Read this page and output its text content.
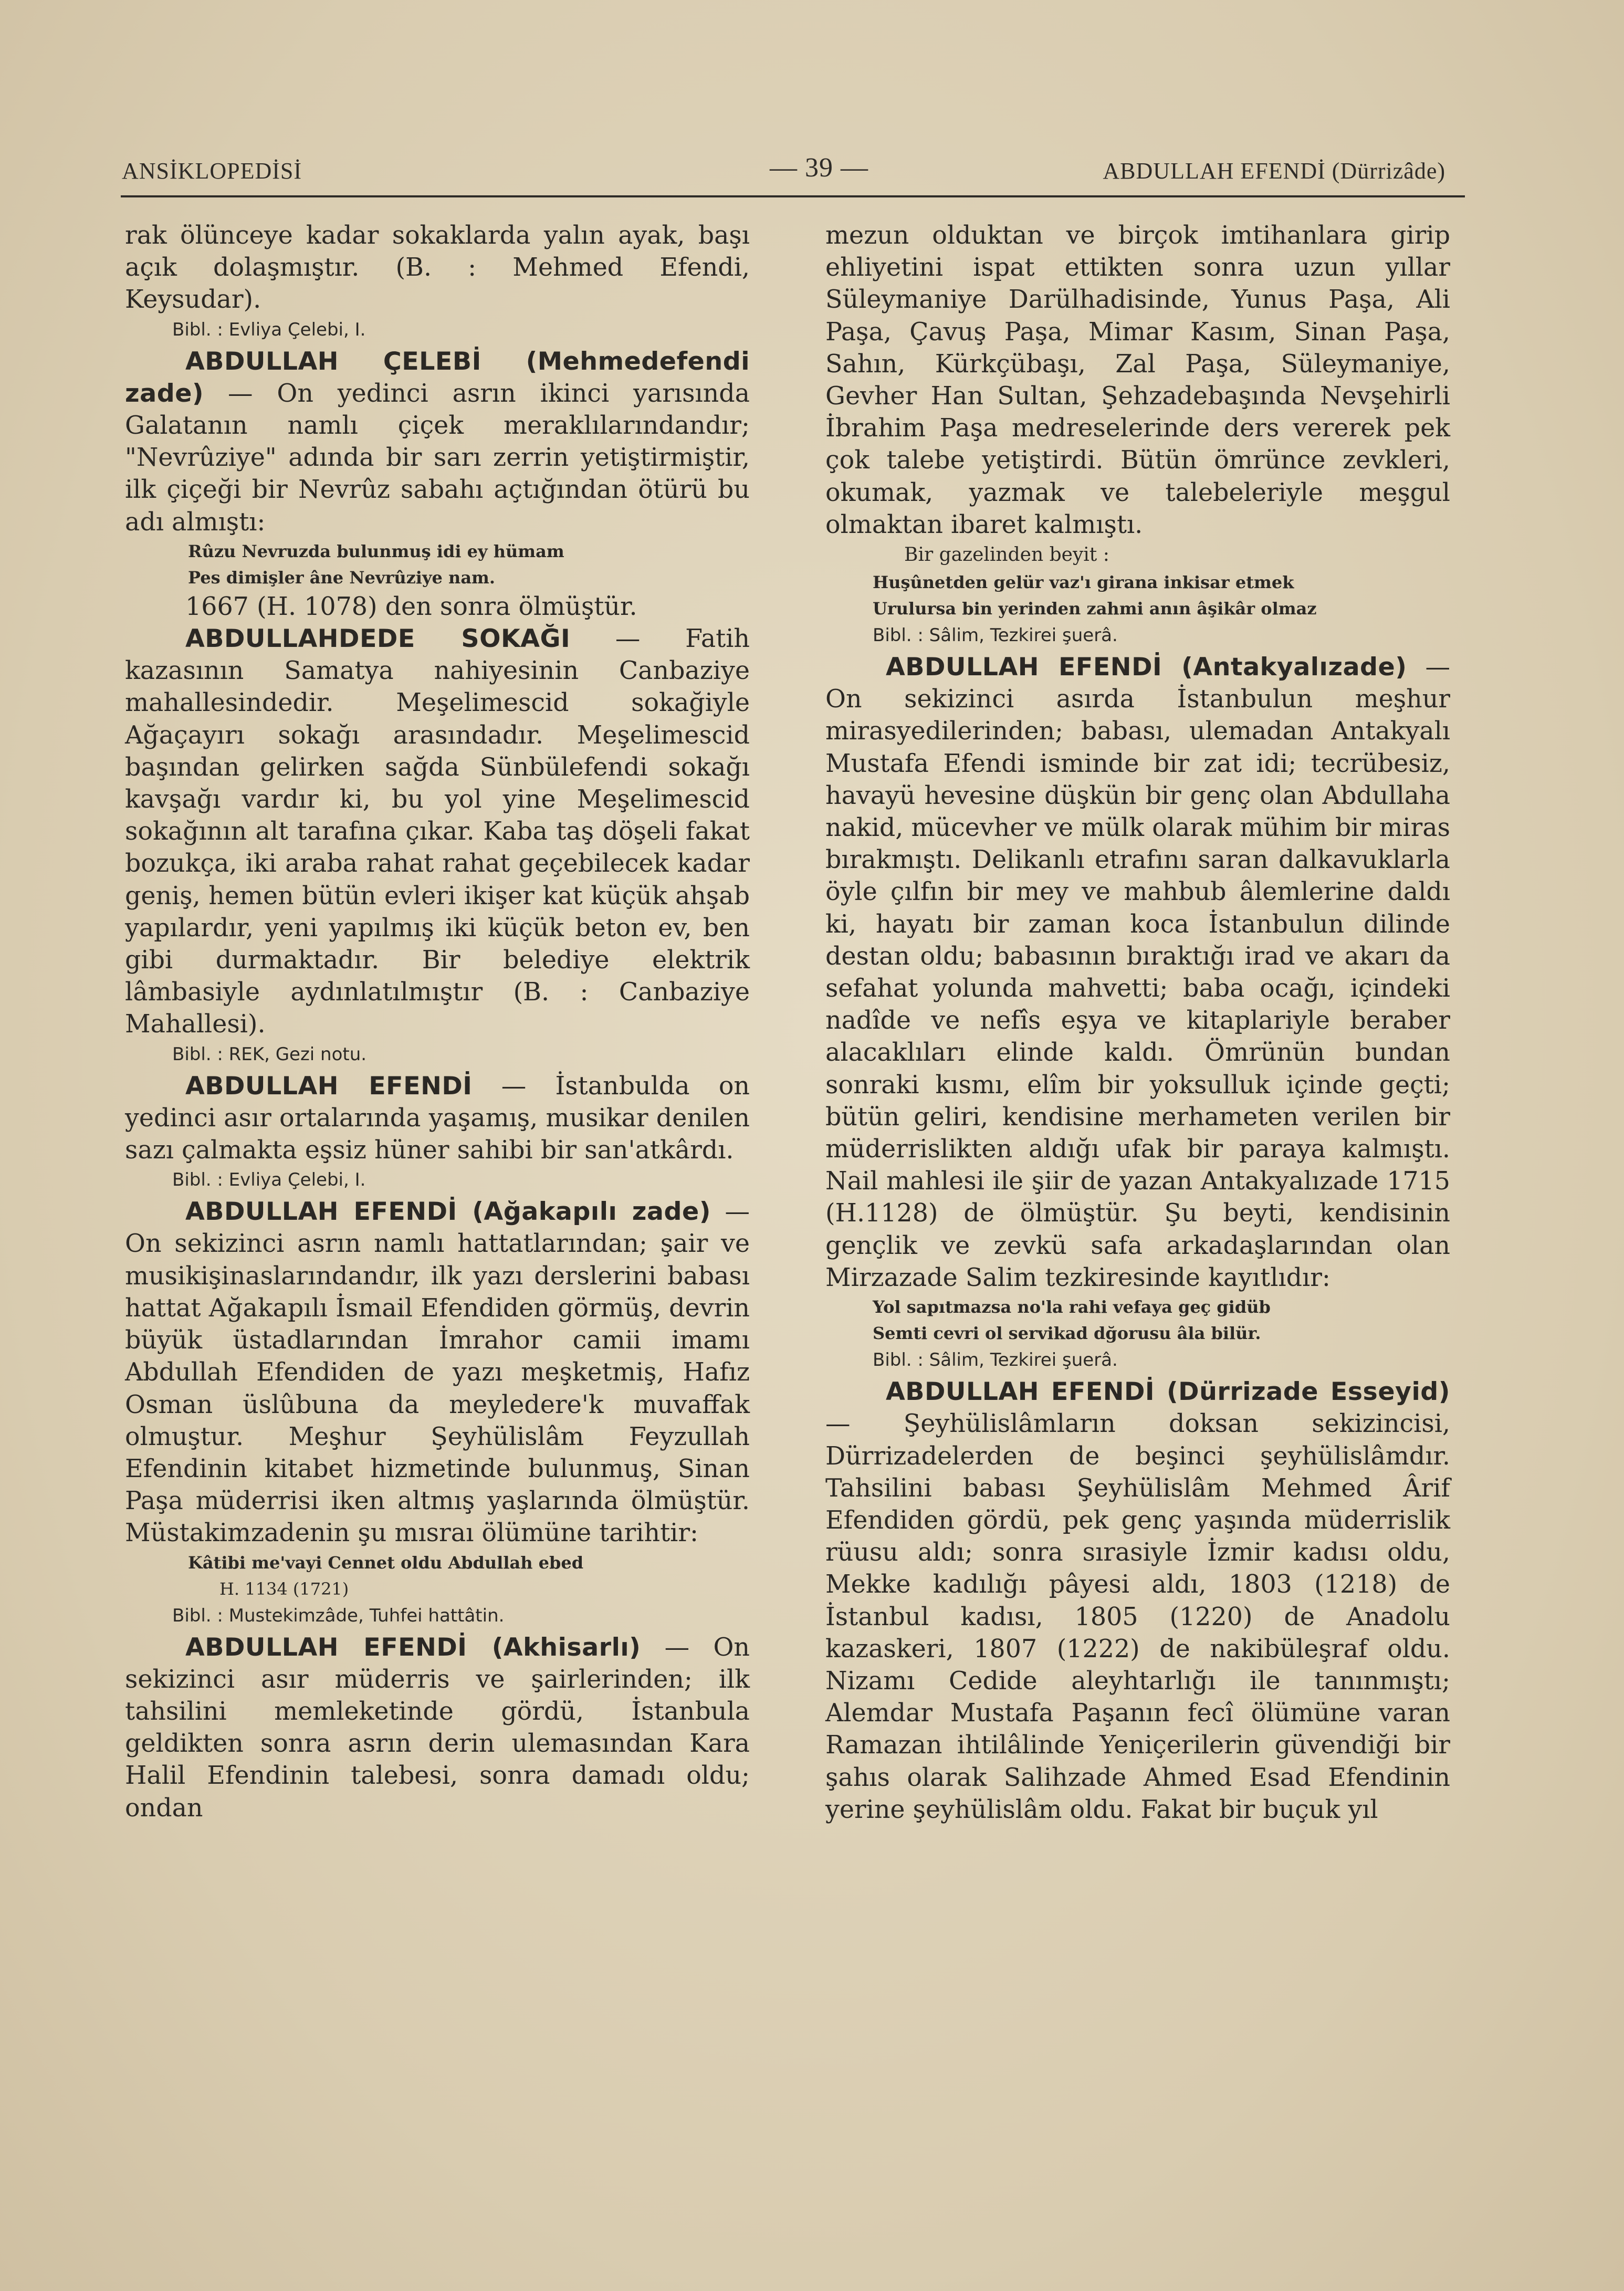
ANSİKLOPEDİSİ	— 39 —	ABDULLAH EFENDİ (Dürrizâde)

rak ölünceye kadar sokaklarda yalın ayak, başı açık dolaşmıştır. (B. : Mehmed Efendi, Keysudar).

Bibl. : Evliya Çelebi, I.

ABDULLAH ÇELEBİ (Mehmedefendi zade) — On yedinci asrın ikinci yarısında Galatanın namlı çiçek meraklılarındandır; "Nevrûziye" adında bir sarı zerrin yetiştirmiştir, ilk çiçeği bir Nevrûz sabahı açtığından ötürü bu adı almıştı:

Rûzu Nevruzda bulunmuş idi ey hümam

Pes dimişler âne Nevrûziye nam.

1667 (H. 1078) den sonra ölmüştür.

ABDULLAHDEDE SOKAĞI — Fatih kazasının Samatya nahiyesinin Canbaziye mahallesindedir. Meşelimescid sokağiyle Ağaçayırı sokağı arasındadır. Meşelimescid başından gelirken sağda Sünbülefendi sokağı kavşağı vardır ki, bu yol yine Meşelimescid sokağının alt tarafına çıkar. Kaba taş döşeli fakat bozukça, iki araba rahat rahat geçebilecek kadar geniş, hemen bütün evleri ikişer kat küçük ahşab yapılardır, yeni yapılmış iki küçük beton ev, ben gibi durmaktadır. Bir belediye elektrik lâmbasiyle aydınlatılmıştır (B. : Canbaziye Mahallesi).

Bibl. : REK, Gezi notu.

ABDULLAH EFENDİ — İstanbulda on yedinci asır ortalarında yaşamış, musikar denilen sazı çalmakta eşsiz hüner sahibi bir san'atkârdı.

Bibl. : Evliya Çelebi, I.

ABDULLAH EFENDİ (Ağakapılı zade) — On sekizinci asrın namlı hattatlarından; şair ve musikişinaslarındandır, ilk yazı derslerini babası hattat Ağakapılı İsmail Efendiden görmüş, devrin büyük üstadlarından İmrahor camii imamı Abdullah Efendiden de yazı meşketmiş, Hafız Osman üslûbuna da meyledere'k muvaffak olmuştur. Meşhur Şeyhülislâm Feyzullah Efendinin kitabet hizmetinde bulunmuş, Sinan Paşa müderrisi iken altmış yaşlarında ölmüştür. Müstakimzadenin şu mısraı ölümüne tarihtir:

Kâtibi me'vayi Cennet oldu Abdullah ebed

H. 1134 (1721)

Bibl. : Mustekimzâde, Tuhfei hattâtin.

ABDULLAH EFENDİ (Akhisarlı) — On sekizinci asır müderris ve şairlerinden; ilk tahsilini memleketinde gördü, İstanbula geldikten sonra asrın derin ulemasından Kara Halil Efendinin talebesi, sonra damadı oldu; ondan

mezun olduktan ve birçok imtihanlara girip ehliyetini ispat ettikten sonra uzun yıllar Süleymaniye Darülhadisinde, Yunus Paşa, Ali Paşa, Çavuş Paşa, Mimar Kasım, Sinan Paşa, Sahın, Kürkçübaşı, Zal Paşa, Süleymaniye, Gevher Han Sultan, Şehzadebaşında Nevşehirli İbrahim Paşa medreselerinde ders vererek pek çok talebe yetiştirdi. Bütün ömrünce zevkleri, okumak, yazmak ve talebeleriyle meşgul olmaktan ibaret kalmıştı.

Bir gazelinden beyit :

Huşûnetden gelür vaz'ı girana inkisar etmek

Urulursa bin yerinden zahmi anın âşikâr olmaz

Bibl. : Sâlim, Tezkirei şuerâ.

ABDULLAH EFENDİ (Antakyalızade) — On sekizinci asırda İstanbulun meşhur mirasyedilerinden; babası, ulemadan Antakyalı Mustafa Efendi isminde bir zat idi; tecrübesiz, havayü hevesine düşkün bir genç olan Abdullaha nakid, mücevher ve mülk olarak mühim bir miras bırakmıştı. Delikanlı etrafını saran dalkavuklarla öyle çılfın bir mey ve mahbub âlemlerine daldı ki, hayatı bir zaman koca İstanbulun dilinde destan oldu; babasının bıraktığı irad ve akarı da sefahat yolunda mahvetti; baba ocağı, içindeki nadîde ve nefîs eşya ve kitaplariyle beraber alacaklıları elinde kaldı. Ömrünün bundan sonraki kısmı, elîm bir yoksulluk içinde geçti; bütün geliri, kendisine merhameten verilen bir müderrislikten aldığı ufak bir paraya kalmıştı. Nail mahlesi ile şiir de yazan Antakyalızade 1715 (H.1128) de ölmüştür. Şu beyti, kendisinin gençlik ve zevkü safa arkadaşlarından olan Mirzazade Salim tezkiresinde kayıtlıdır:

Yol sapıtmazsa no'la rahi vefaya geç gidüb

Semti cevri ol servikad dğorusu âla bilür.

Bibl. : Sâlim, Tezkirei şuerâ.

ABDULLAH EFENDİ (Dürrizade Esseyid) — Şeyhülislâmların doksan sekizincisi, Dürrizadelerden de beşinci şeyhülislâmdır. Tahsilini babası Şeyhülislâm Mehmed Ârif Efendiden gördü, pek genç yaşında müderrislik rüusu aldı; sonra sırasiyle İzmir kadısı oldu, Mekke kadılığı pâyesi aldı, 1803 (1218) de İstanbul kadısı, 1805 (1220) de Anadolu kazaskeri, 1807 (1222) de nakibüleşraf oldu. Nizamı Cedide aleyhtarlığı ile tanınmıştı; Alemdar Mustafa Paşanın fecî ölümüne varan Ramazan ihtilâlinde Yeniçerilerin güvendiği bir şahıs olarak Salihzade Ahmed Esad Efendinin yerine şeyhülislâm oldu. Fakat bir buçuk yıl
